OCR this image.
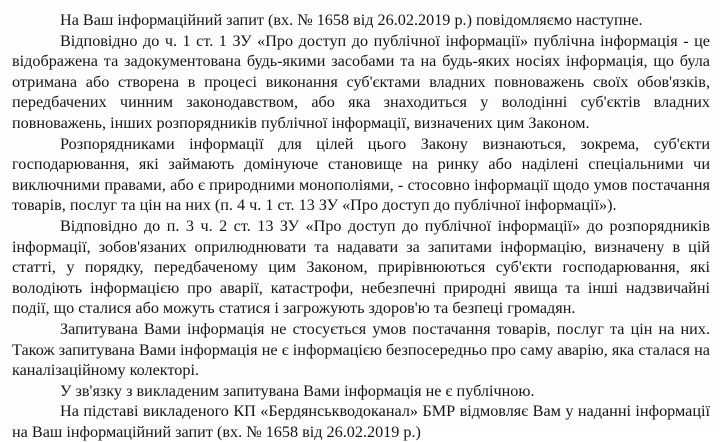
На Ваш інформаційний запит (вх. № 1658 від 26.02.2019 р.) повідомляємо наступне.

Відповідно до ч. 1 ст. 1 ЗУ «Про доступ до публічної інформації» публічна інформація - це відображена та задокументована будь-якими засобами та на будь-яких носіях інформація, що була отримана або створена в процесі виконання суб'єктами владних повноважень своїх обов'язків, передбачених чинним законодавством, або яка знаходиться у володінні суб'єктів владних повноважень, інших розпорядників публічної інформації, визначених цим Законом.

Розпорядниками інформації для цілей цього Закону визнаються, зокрема, суб'єкти господарювання, які займають домінуюче становище на ринку або наділені спеціальними чи виключними правами, або є природними монополіями, - стосовно інформації щодо умов постачання товарів, послуг та цін на них (п. 4 ч. 1 ст. 13 ЗУ «Про доступ до публічної інформації»).

Відповідно до п. 3 ч. 2 ст. 13 ЗУ «Про доступ до публічної інформації» до розпорядників інформації, зобов'язаних оприлюднювати та надавати за запитами інформацію, визначену в цій статті, у порядку, передбаченому цим Законом, прирівнюються суб'єкти господарювання, які володіють інформацією про аварії, катастрофи, небезпечні природні явища та інші надзвичайні події, що сталися або можуть статися і загрожують здоров'ю та безпеці громадян.

Запитувана Вами інформація не стосується умов постачання товарів, послуг та цін на них. Також запитувана Вами інформація не є інформацією безпосередньо про саму аварію, яка сталася на каналізаційному колекторі.

У зв'язку з викладеним запитувана Вами інформація не є публічною.

На підставі викладеного КП «Бердянськводоканал» БМР відмовляє Вам у наданні інформації на Ваш інформаційний запит (вх. № 1658 від 26.02.2019 р.)
